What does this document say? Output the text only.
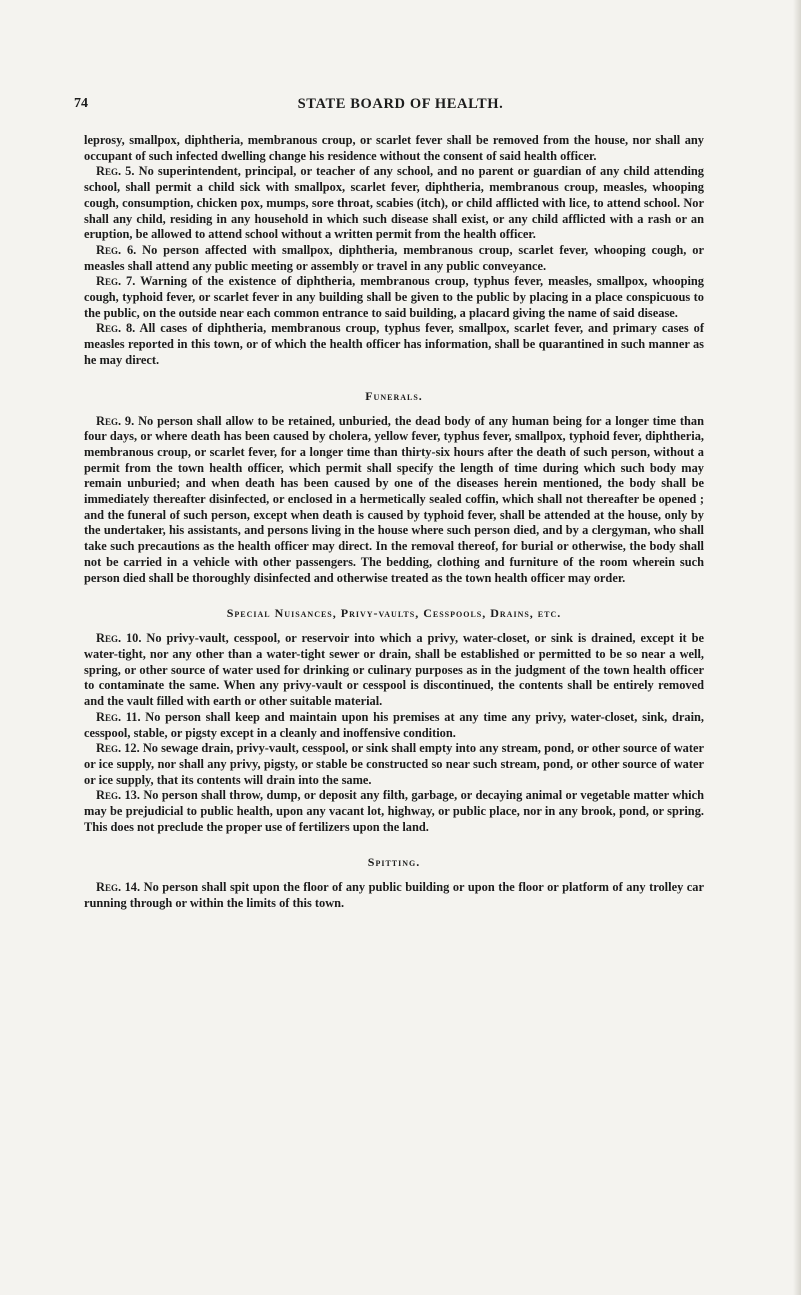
74	STATE BOARD OF HEALTH.

leprosy, smallpox, diphtheria, membranous croup, or scarlet fever shall be removed from the house, nor shall any occupant of such infected dwelling change his residence without the consent of said health officer.

Reg. 5. No superintendent, principal, or teacher of any school, and no parent or guardian of any child attending school, shall permit a child sick with smallpox, scarlet fever, diphtheria, membranous croup, measles, whooping cough, consumption, chicken pox, mumps, sore throat, scabies (itch), or child afflicted with lice, to attend school. Nor shall any child, residing in any household in which such disease shall exist, or any child afflicted with a rash or an eruption, be allowed to attend school without a written permit from the health officer.

Reg. 6. No person affected with smallpox, diphtheria, membranous croup, scarlet fever, whooping cough, or measles shall attend any public meeting or assembly or travel in any public conveyance.

Reg. 7. Warning of the existence of diphtheria, membranous croup, typhus fever, measles, smallpox, whooping cough, typhoid fever, or scarlet fever in any building shall be given to the public by placing in a place conspicuous to the public, on the outside near each common entrance to said building, a placard giving the name of said disease.

Reg. 8. All cases of diphtheria, membranous croup, typhus fever, smallpox, scarlet fever, and primary cases of measles reported in this town, or of which the health officer has information, shall be quarantined in such manner as he may direct.

Funerals.

Reg. 9. No person shall allow to be retained, unburied, the dead body of any human being for a longer time than four days, or where death has been caused by cholera, yellow fever, typhus fever, smallpox, typhoid fever, diphtheria, membranous croup, or scarlet fever, for a longer time than thirty-six hours after the death of such person, without a permit from the town health officer, which permit shall specify the length of time during which such body may remain unburied; and when death has been caused by one of the diseases herein mentioned, the body shall be immediately thereafter disinfected, or enclosed in a hermetically sealed coffin, which shall not thereafter be opened ; and the funeral of such person, except when death is caused by typhoid fever, shall be attended at the house, only by the undertaker, his assistants, and persons living in the house where such person died, and by a clergyman, who shall take such precautions as the health officer may direct. In the removal thereof, for burial or otherwise, the body shall not be carried in a vehicle with other passengers. The bedding, clothing and furniture of the room wherein such person died shall be thoroughly disinfected and otherwise treated as the town health officer may order.

Special Nuisances, Privy-vaults, Cesspools, Drains, etc.

Reg. 10. No privy-vault, cesspool, or reservoir into which a privy, water-closet, or sink is drained, except it be water-tight, nor any other than a water-tight sewer or drain, shall be established or permitted to be so near a well, spring, or other source of water used for drinking or culinary purposes as in the judgment of the town health officer to contaminate the same. When any privy-vault or cesspool is discontinued, the contents shall be entirely removed and the vault filled with earth or other suitable material.

Reg. 11. No person shall keep and maintain upon his premises at any time any privy, water-closet, sink, drain, cesspool, stable, or pigsty except in a cleanly and inoffensive condition.

Reg. 12. No sewage drain, privy-vault, cesspool, or sink shall empty into any stream, pond, or other source of water or ice supply, nor shall any privy, pigsty, or stable be constructed so near such stream, pond, or other source of water or ice supply, that its contents will drain into the same.

Reg. 13. No person shall throw, dump, or deposit any filth, garbage, or decaying animal or vegetable matter which may be prejudicial to public health, upon any vacant lot, highway, or public place, nor in any brook, pond, or spring. This does not preclude the proper use of fertilizers upon the land.

Spitting.

Reg. 14. No person shall spit upon the floor of any public building or upon the floor or platform of any trolley car running through or within the limits of this town.
